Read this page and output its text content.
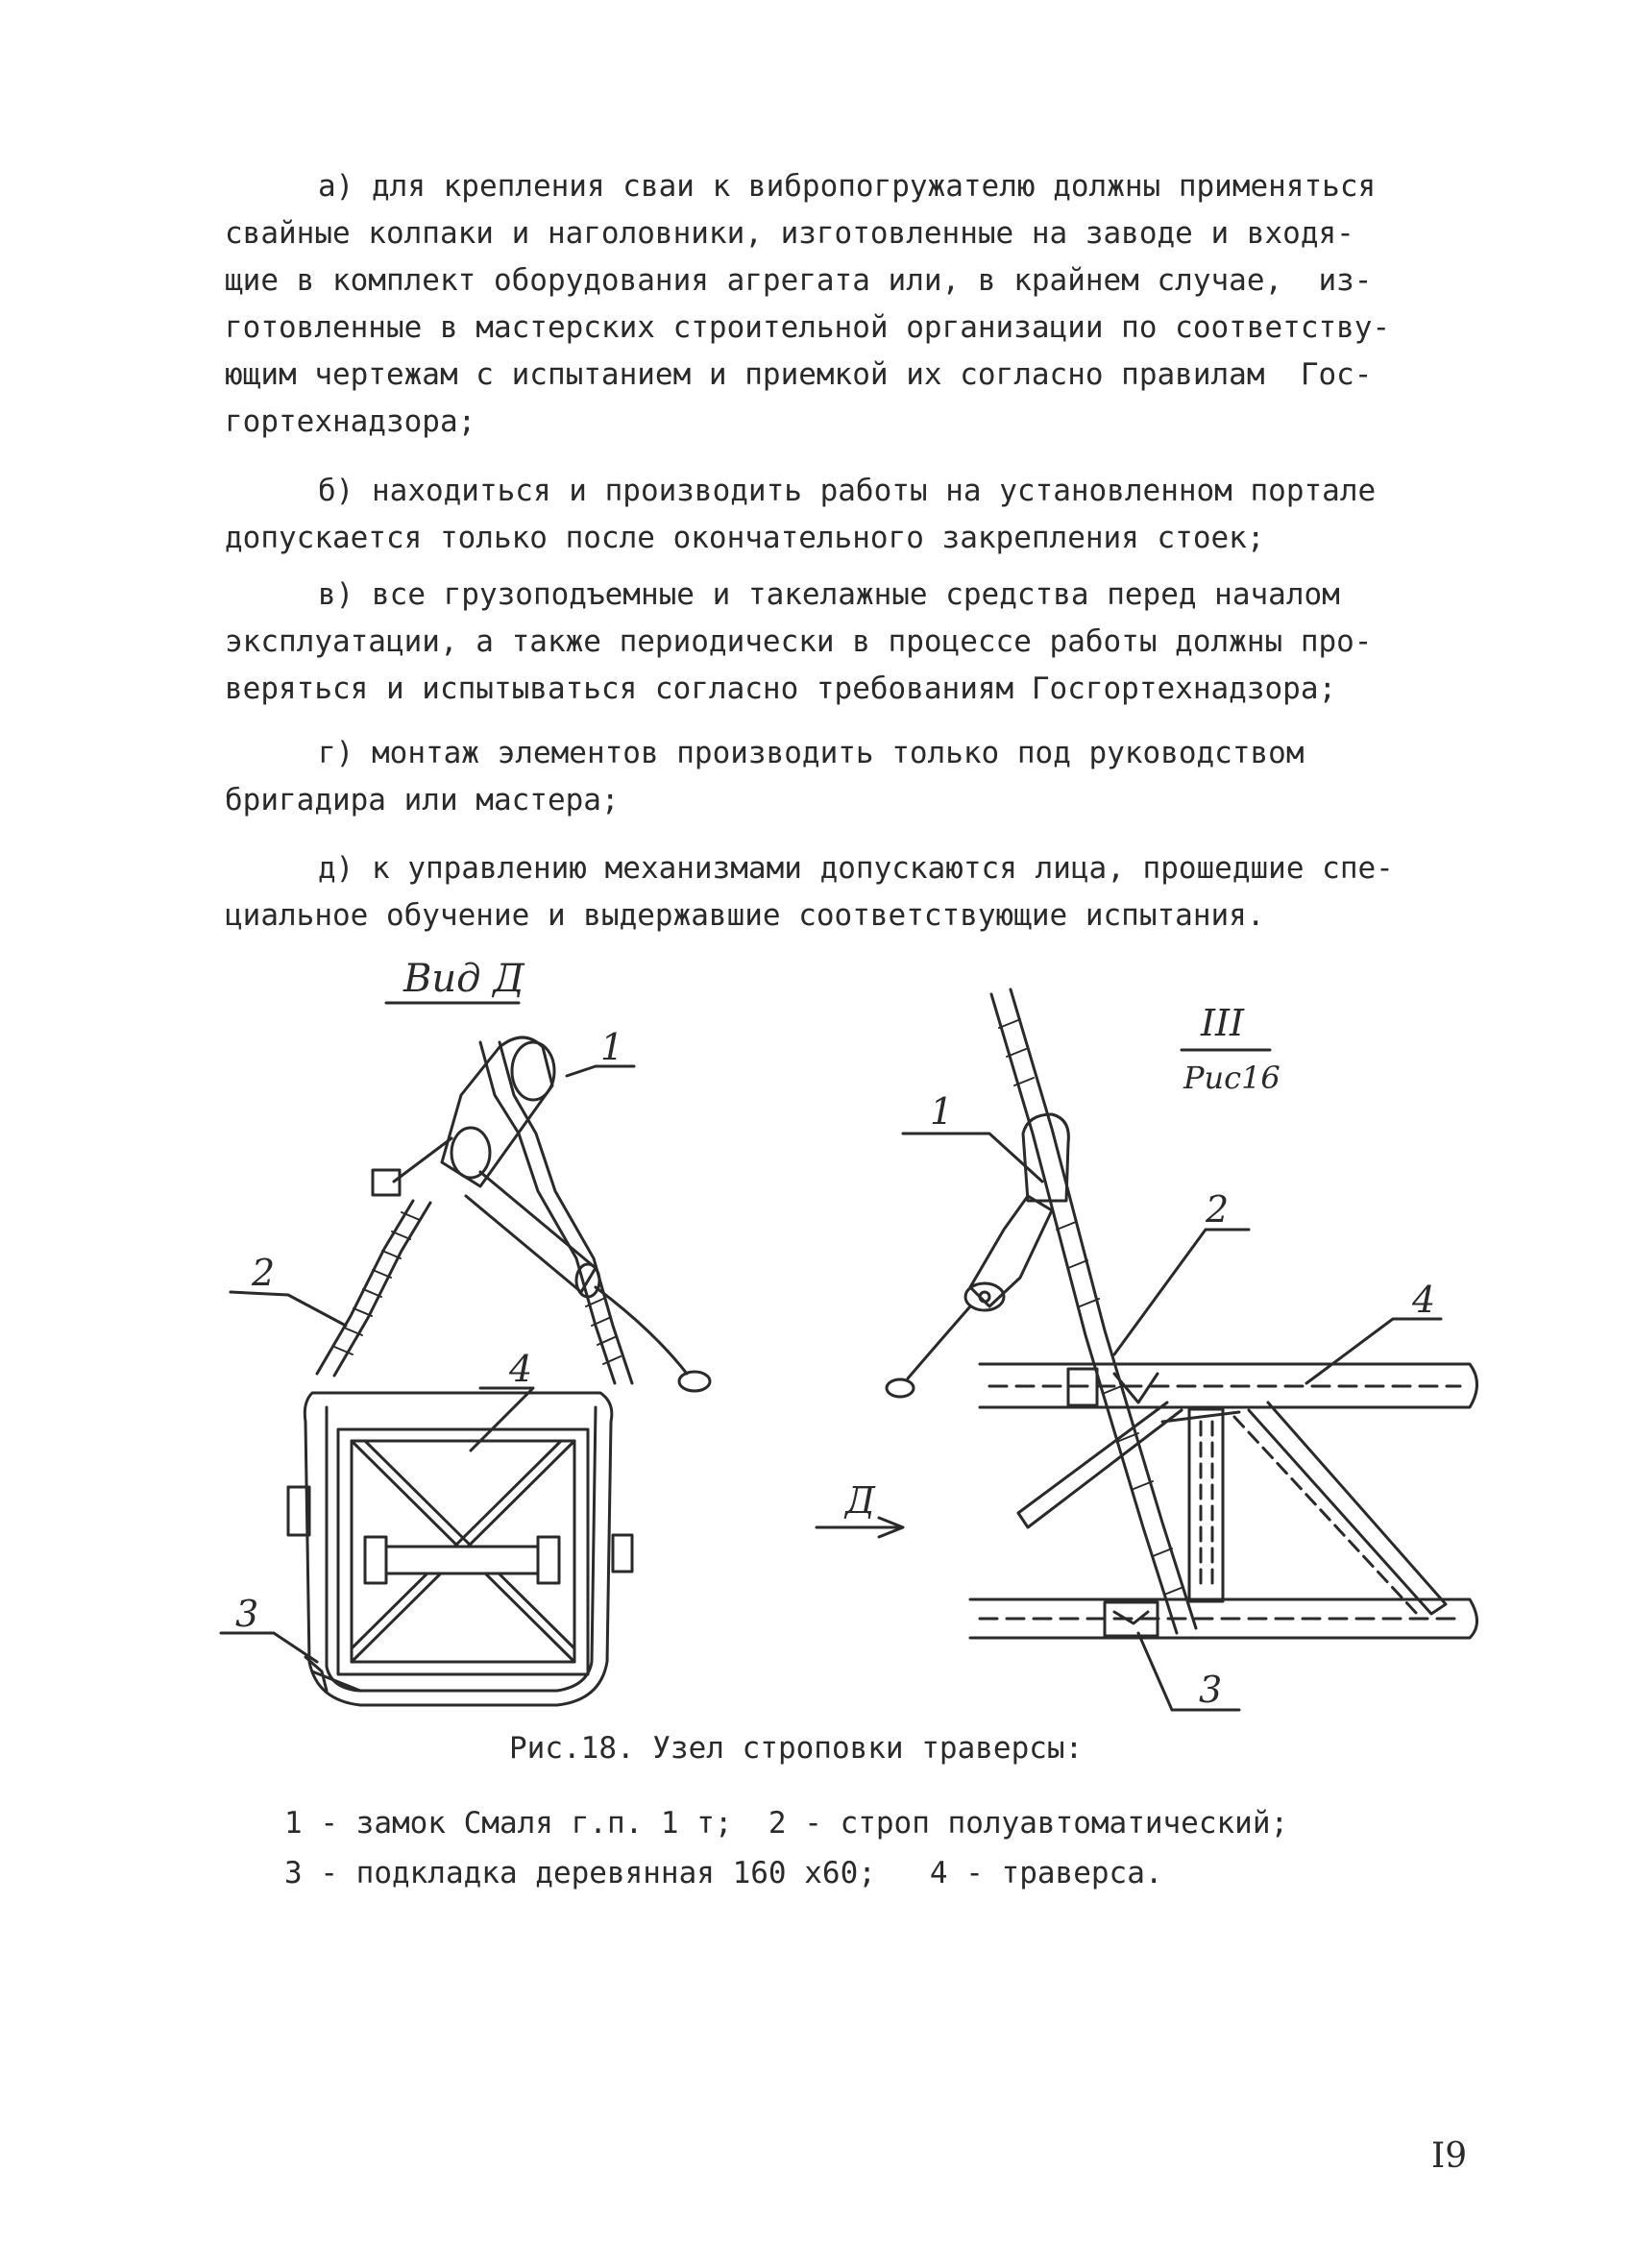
а) для крепления сваи к вибропогружателю должны применяться
свайные колпаки и наголовники, изготовленные на заводе и входя-
щие в комплект оборудования агрегата или, в крайнем случае,  из-
готовленные в мастерских строительной организации по соответству-
ющим чертежам с испытанием и приемкой их согласно правилам  Гос-
гортехнадзора;
б) находиться и производить работы на установленном портале
допускается только после окончательного закрепления стоек;
в) все грузоподъемные и такелажные средства перед началом
эксплуатации, а также периодически в процессе работы должны про-
веряться и испытываться согласно требованиям Госгортехнадзора;
г) монтаж элементов производить только под руководством
бригадира или мастера;
д) к управлению механизмами допускаются лица, прошедшие спе-
циальное обучение и выдержавшие соответствующие испытания.
Вид Д
1
2
4
3
III
Рис16
Д
1
2
4
3
Рис.18. Узел строповки траверсы:
1 - замок Смаля г.п. 1 т;  2 - строп полуавтоматический;
3 - подкладка деревянная 160 х60;   4 - траверса.
I9
